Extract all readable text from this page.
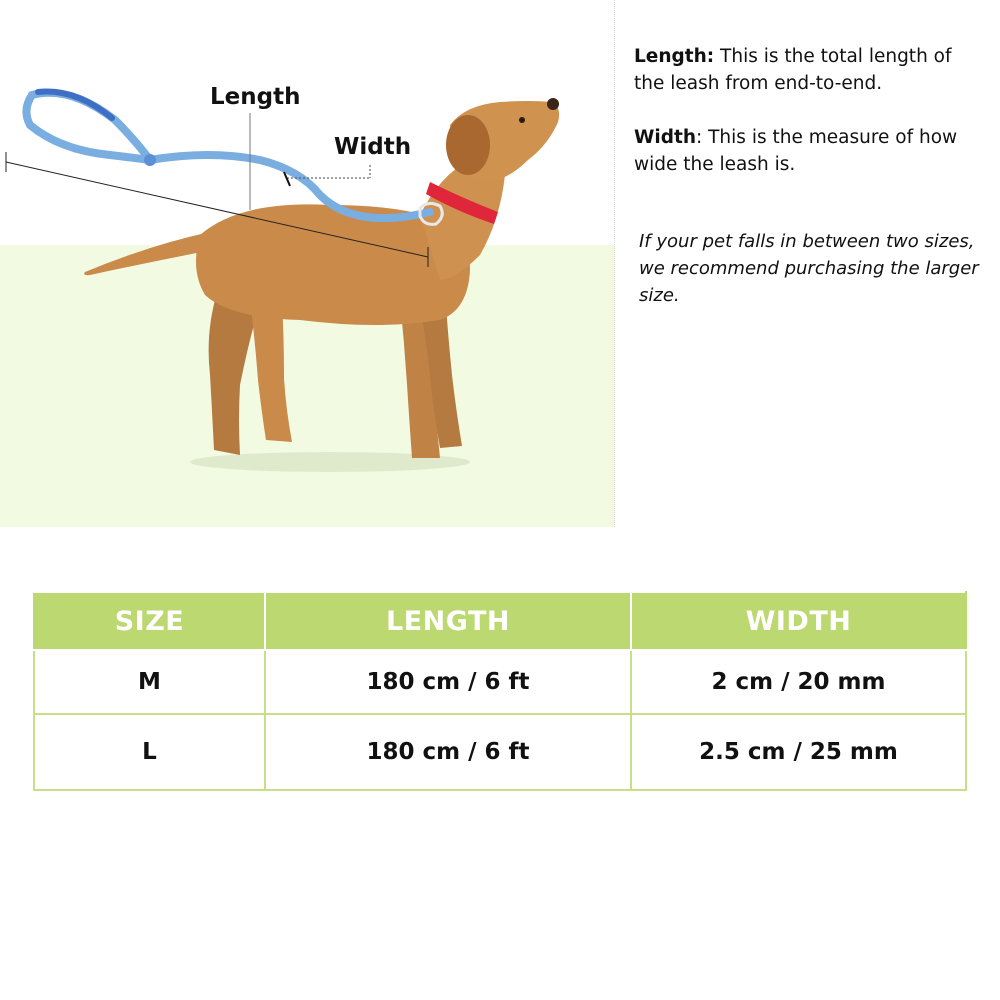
Length
Width
Length: This is the total length of the leash from end-to-end.
Width: This is the measure of how wide the leash is.
If your pet falls in between two sizes, we recommend purchasing the larger size.
SIZE	LENGTH	WIDTH
M	180 cm / 6 ft	2 cm / 20 mm
L	180 cm / 6 ft	2.5 cm / 25 mm
